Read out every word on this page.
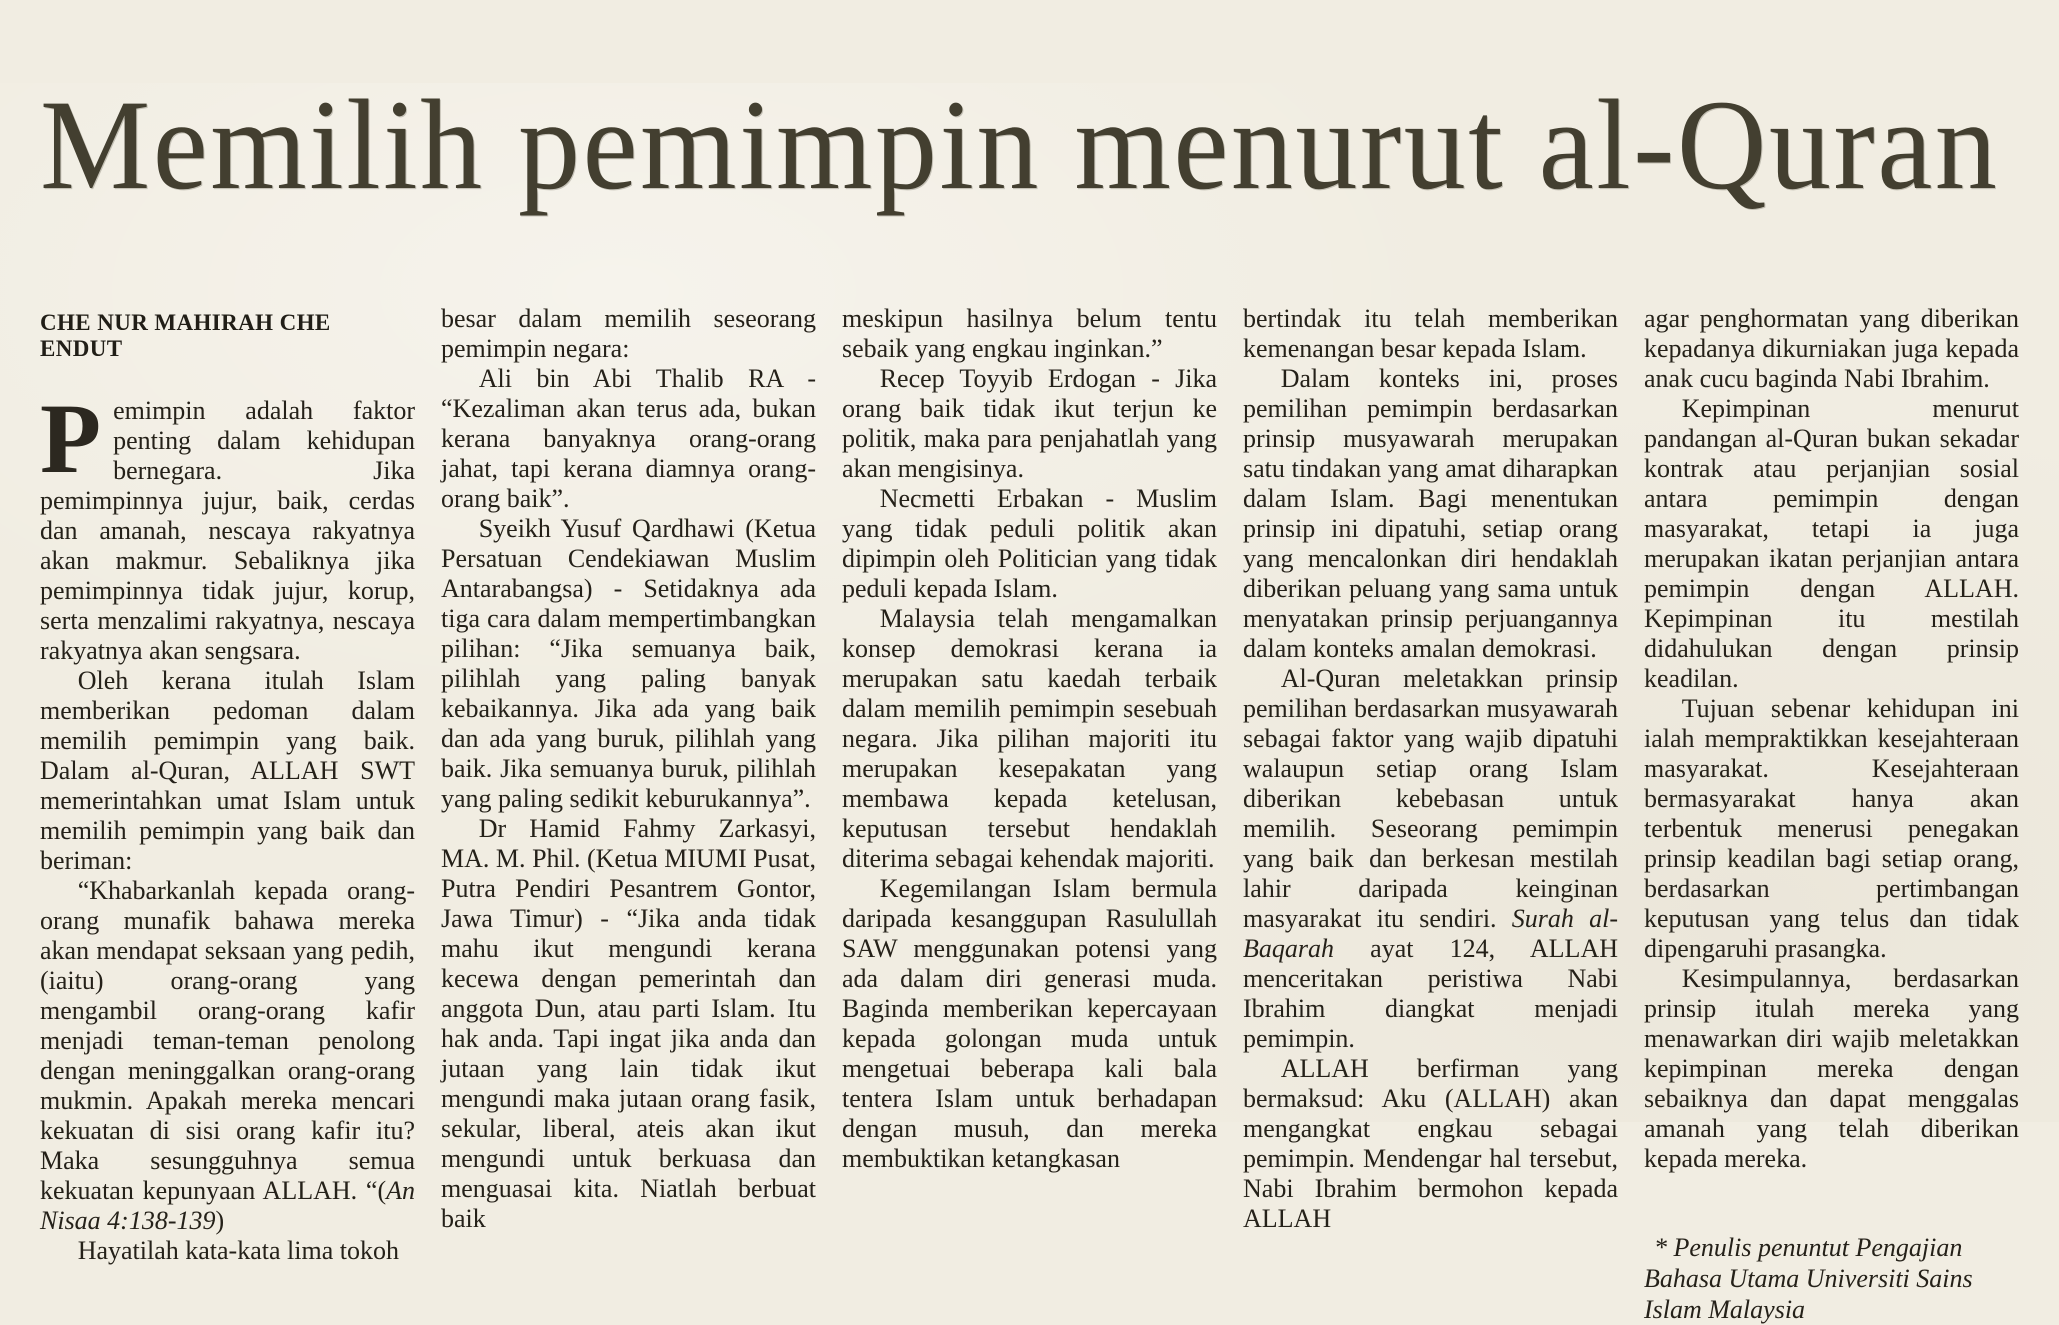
Memilih pemimpin menurut al-Quran
CHE NUR MAHIRAH CHE ENDUT

Pemimpin adalah faktor penting dalam kehidupan bernegara. Jika pemimpinnya jujur, baik, cerdas dan amanah, nescaya rakyatnya akan makmur. Sebaliknya jika pemimpinnya tidak jujur, korup, serta menzalimi rakyatnya, nescaya rakyatnya akan sengsara.

Oleh kerana itulah Islam memberikan pedoman dalam memilih pemimpin yang baik. Dalam al-Quran, ALLAH SWT memerintahkan umat Islam untuk memilih pemimpin yang baik dan beriman:

“Khabarkanlah kepada orang-orang munafik bahawa mereka akan mendapat seksaan yang pedih, (iaitu) orang-orang yang mengambil orang-orang kafir menjadi teman-teman penolong dengan meninggalkan orang-orang mukmin. Apakah mereka mencari kekuatan di sisi orang kafir itu? Maka sesungguhnya semua kekuatan kepunyaan ALLAH. “(An Nisaa 4:138-139)

Hayatilah kata-kata lima tokoh

besar dalam memilih seseorang pemimpin negara:

Ali bin Abi Thalib RA - “Kezaliman akan terus ada, bukan kerana banyaknya orang-orang jahat, tapi kerana diamnya orang-orang baik”.

Syeikh Yusuf Qardhawi (Ketua Persatuan Cendekiawan Muslim Antarabangsa) - Setidaknya ada tiga cara dalam mempertimbangkan pilihan: “Jika semuanya baik, pilihlah yang paling banyak kebaikannya. Jika ada yang baik dan ada yang buruk, pilihlah yang baik. Jika semuanya buruk, pilihlah yang paling sedikit keburukannya”.

Dr Hamid Fahmy Zarkasyi, MA. M. Phil. (Ketua MIUMI Pusat, Putra Pendiri Pesantrem Gontor, Jawa Timur) - “Jika anda tidak mahu ikut mengundi kerana kecewa dengan pemerintah dan anggota Dun, atau parti Islam. Itu hak anda. Tapi ingat jika anda dan jutaan yang lain tidak ikut mengundi maka jutaan orang fasik, sekular, liberal, ateis akan ikut mengundi untuk berkuasa dan menguasai kita. Niatlah berbuat baik

meskipun hasilnya belum tentu sebaik yang engkau inginkan.”

Recep Toyyib Erdogan - Jika orang baik tidak ikut terjun ke politik, maka para penjahatlah yang akan mengisinya.

Necmetti Erbakan - Muslim yang tidak peduli politik akan dipimpin oleh Politician yang tidak peduli kepada Islam.

Malaysia telah mengamalkan konsep demokrasi kerana ia merupakan satu kaedah terbaik dalam memilih pemimpin sesebuah negara. Jika pilihan majoriti itu merupakan kesepakatan yang membawa kepada ketelusan, keputusan tersebut hendaklah diterima sebagai kehendak majoriti.

Kegemilangan Islam bermula daripada kesanggupan Rasulullah SAW menggunakan potensi yang ada dalam diri generasi muda. Baginda memberikan kepercayaan kepada golongan muda untuk mengetuai beberapa kali bala tentera Islam untuk berhadapan dengan musuh, dan mereka membuktikan ketangkasan

bertindak itu telah memberikan kemenangan besar kepada Islam.

Dalam konteks ini, proses pemilihan pemimpin berdasarkan prinsip musyawarah merupakan satu tindakan yang amat diharapkan dalam Islam. Bagi menentukan prinsip ini dipatuhi, setiap orang yang mencalonkan diri hendaklah diberikan peluang yang sama untuk menyatakan prinsip perjuangannya dalam konteks amalan demokrasi.

Al-Quran meletakkan prinsip pemilihan berdasarkan musyawarah sebagai faktor yang wajib dipatuhi walaupun setiap orang Islam diberikan kebebasan untuk memilih. Seseorang pemimpin yang baik dan berkesan mestilah lahir daripada keinginan masyarakat itu sendiri. Surah al-Baqarah ayat 124, ALLAH menceritakan peristiwa Nabi Ibrahim diangkat menjadi pemimpin.

ALLAH berfirman yang bermaksud: Aku (ALLAH) akan mengangkat engkau sebagai pemimpin. Mendengar hal tersebut, Nabi Ibrahim bermohon kepada ALLAH

agar penghormatan yang diberikan kepadanya dikurniakan juga kepada anak cucu baginda Nabi Ibrahim.

Kepimpinan menurut pandangan al-Quran bukan sekadar kontrak atau perjanjian sosial antara pemimpin dengan masyarakat, tetapi ia juga merupakan ikatan perjanjian antara pemimpin dengan ALLAH. Kepimpinan itu mestilah didahulukan dengan prinsip keadilan.

Tujuan sebenar kehidupan ini ialah mempraktikkan kesejahteraan masyarakat. Kesejahteraan bermasyarakat hanya akan terbentuk menerusi penegakan prinsip keadilan bagi setiap orang, berdasarkan pertimbangan keputusan yang telus dan tidak dipengaruhi prasangka.

Kesimpulannya, berdasarkan prinsip itulah mereka yang menawarkan diri wajib meletakkan kepimpinan mereka dengan sebaiknya dan dapat menggalas amanah yang telah diberikan kepada mereka.

* Penulis penuntut Pengajian Bahasa Utama Universiti Sains Islam Malaysia
